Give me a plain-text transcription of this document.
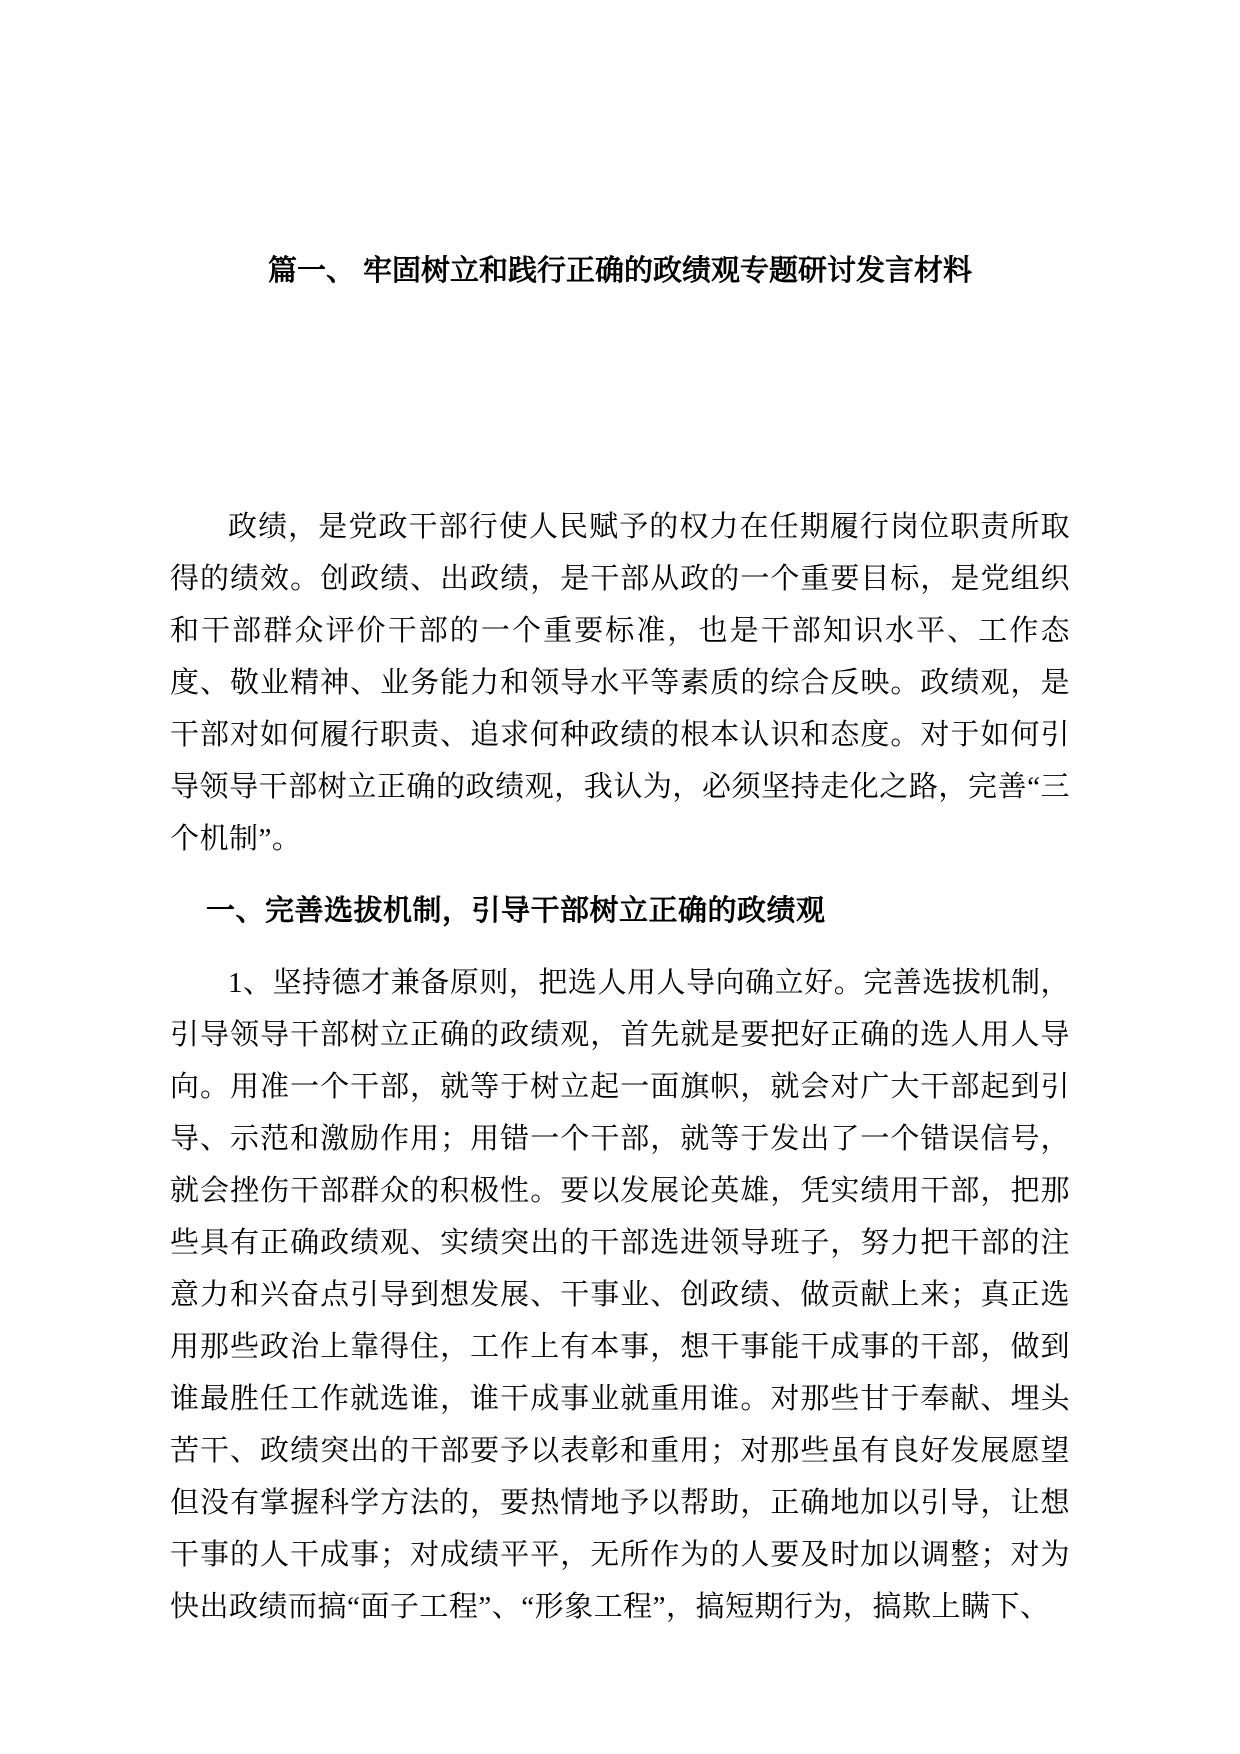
篇一、 牢固树立和践行正确的政绩观专题研讨发言材料

政绩，是党政干部行使人民赋予的权力在任期履行岗位职责所取得的绩效。创政绩、出政绩，是干部从政的一个重要目标，是党组织和干部群众评价干部的一个重要标准，也是干部知识水平、工作态度、敬业精神、业务能力和领导水平等素质的综合反映。政绩观，是干部对如何履行职责、追求何种政绩的根本认识和态度。对于如何引导领导干部树立正确的政绩观，我认为，必须坚持走化之路，完善“三个机制”。

一、完善选拔机制，引导干部树立正确的政绩观

1、坚持德才兼备原则，把选人用人导向确立好。完善选拔机制，引导领导干部树立正确的政绩观，首先就是要把好正确的选人用人导向。用准一个干部，就等于树立起一面旗帜，就会对广大干部起到引导、示范和激励作用；用错一个干部，就等于发出了一个错误信号，就会挫伤干部群众的积极性。要以发展论英雄，凭实绩用干部，把那些具有正确政绩观、实绩突出的干部选进领导班子，努力把干部的注意力和兴奋点引导到想发展、干事业、创政绩、做贡献上来；真正选用那些政治上靠得住，工作上有本事，想干事能干成事的干部，做到谁最胜任工作就选谁，谁干成事业就重用谁。对那些甘于奉献、埋头苦干、政绩突出的干部要予以表彰和重用；对那些虽有良好发展愿望但没有掌握科学方法的，要热情地予以帮助，正确地加以引导，让想干事的人干成事；对成绩平平，无所作为的人要及时加以调整；对为快出政绩而搞“面子工程”、“形象工程”，搞短期行为，搞欺上瞒下、
